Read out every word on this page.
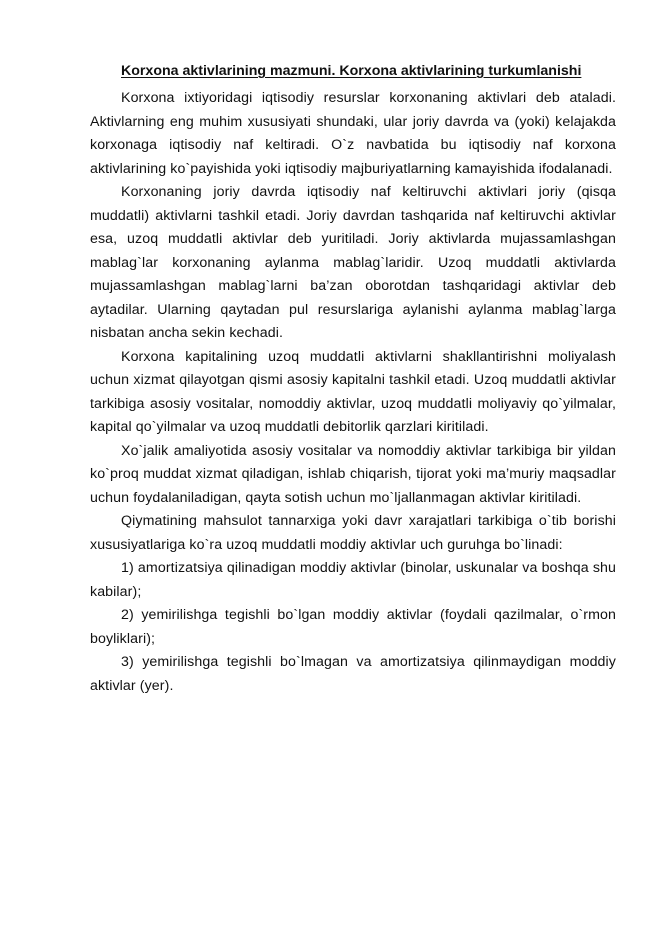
Korxona aktivlarining mazmuni. Korxona aktivlarining turkumlanishi

Korxona ixtiyoridagi iqtisodiy resurslar korxonaning aktivlari deb ataladi. Aktivlarning eng muhim xususiyati shundaki, ular joriy davrda va (yoki) kelajakda korxonaga iqtisodiy naf keltiradi. O`z navbatida bu iqtisodiy naf korxona aktivlarining ko`payishida yoki iqtisodiy majburiyatlarning kamayishida ifodalanadi.

Korxonaning joriy davrda iqtisodiy naf keltiruvchi aktivlari joriy (qisqa muddatli) aktivlarni tashkil etadi. Joriy davrdan tashqarida naf keltiruvchi aktivlar esa, uzoq muddatli aktivlar deb yuritiladi. Joriy aktivlarda mujassamlashgan mablag`lar korxonaning aylanma mablag`laridir. Uzoq muddatli aktivlarda mujassamlashgan mablag`larni ba’zan oborotdan tashqaridagi aktivlar deb aytadilar. Ularning qaytadan pul resurslariga aylanishi aylanma mablag`larga nisbatan ancha sekin kechadi.

Korxona kapitalining uzoq muddatli aktivlarni shakllantirishni moliyalash uchun xizmat qilayotgan qismi asosiy kapitalni tashkil etadi. Uzoq muddatli aktivlar tarkibiga asosiy vositalar, nomoddiy aktivlar, uzoq muddatli moliyaviy qo`yilmalar, kapital qo`yilmalar va uzoq muddatli debitorlik qarzlari kiritiladi.

Xo`jalik amaliyotida asosiy vositalar va nomoddiy aktivlar tarkibiga bir yildan ko`proq muddat xizmat qiladigan, ishlab chiqarish, tijorat yoki ma’muriy maqsadlar uchun foydalaniladigan, qayta sotish uchun mo`ljallanmagan aktivlar kiritiladi.

Qiymatining mahsulot tannarxiga yoki davr xarajatlari tarkibiga o`tib borishi xususiyatlariga ko`ra uzoq muddatli moddiy aktivlar uch guruhga bo`linadi:

1) amortizatsiya qilinadigan moddiy aktivlar (binolar, uskunalar va boshqa shu kabilar);

2) yemirilishga tegishli bo`lgan moddiy aktivlar (foydali qazilmalar, o`rmon boyliklari);

3) yemirilishga tegishli bo`lmagan va amortizatsiya qilinmaydigan moddiy aktivlar (yer).
